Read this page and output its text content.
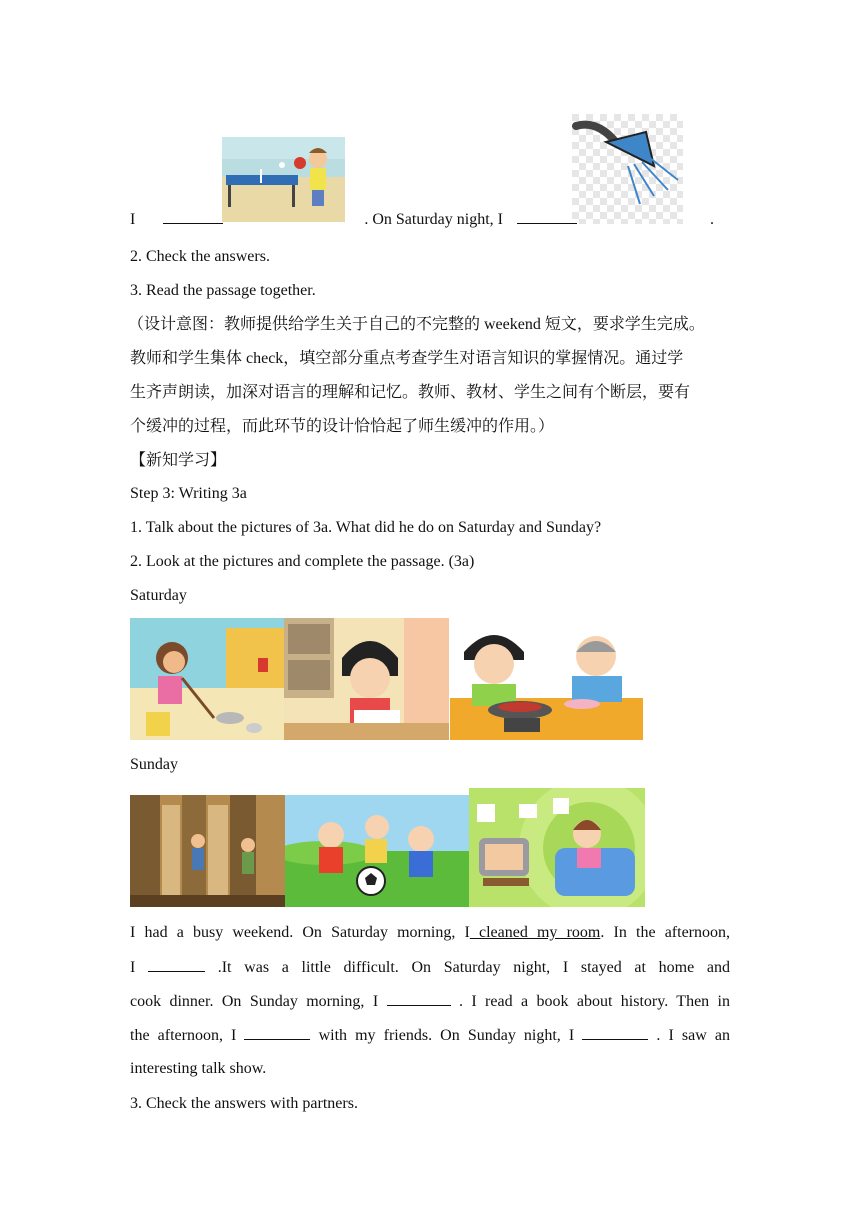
I	. On Saturday night, I	.
2. Check the answers.
3. Read the passage together.
（设计意图：教师提供给学生关于自己的不完整的 weekend 短文，要求学生完成。
教师和学生集体 check，填空部分重点考查学生对语言知识的掌握情况。通过学
生齐声朗读，加深对语言的理解和记忆。教师、教材、学生之间有个断层，要有
个缓冲的过程，而此环节的设计恰恰起了师生缓冲的作用。）
【新知学习】
Step 3: Writing 3a
1. Talk about the pictures of 3a. What did he do on Saturday and Sunday?
2. Look at the pictures and complete the passage. (3a)
Saturday
Sunday
I had a busy weekend. On Saturday morning, I cleaned my room. In the afternoon,
I	.It was a little difficult. On Saturday night, I stayed at home and
cook dinner. On Sunday morning, I	. I read a book about history. Then in
the afternoon, I	with my friends. On Sunday night, I	. I saw an
interesting talk show.
3. Check the answers with partners.
